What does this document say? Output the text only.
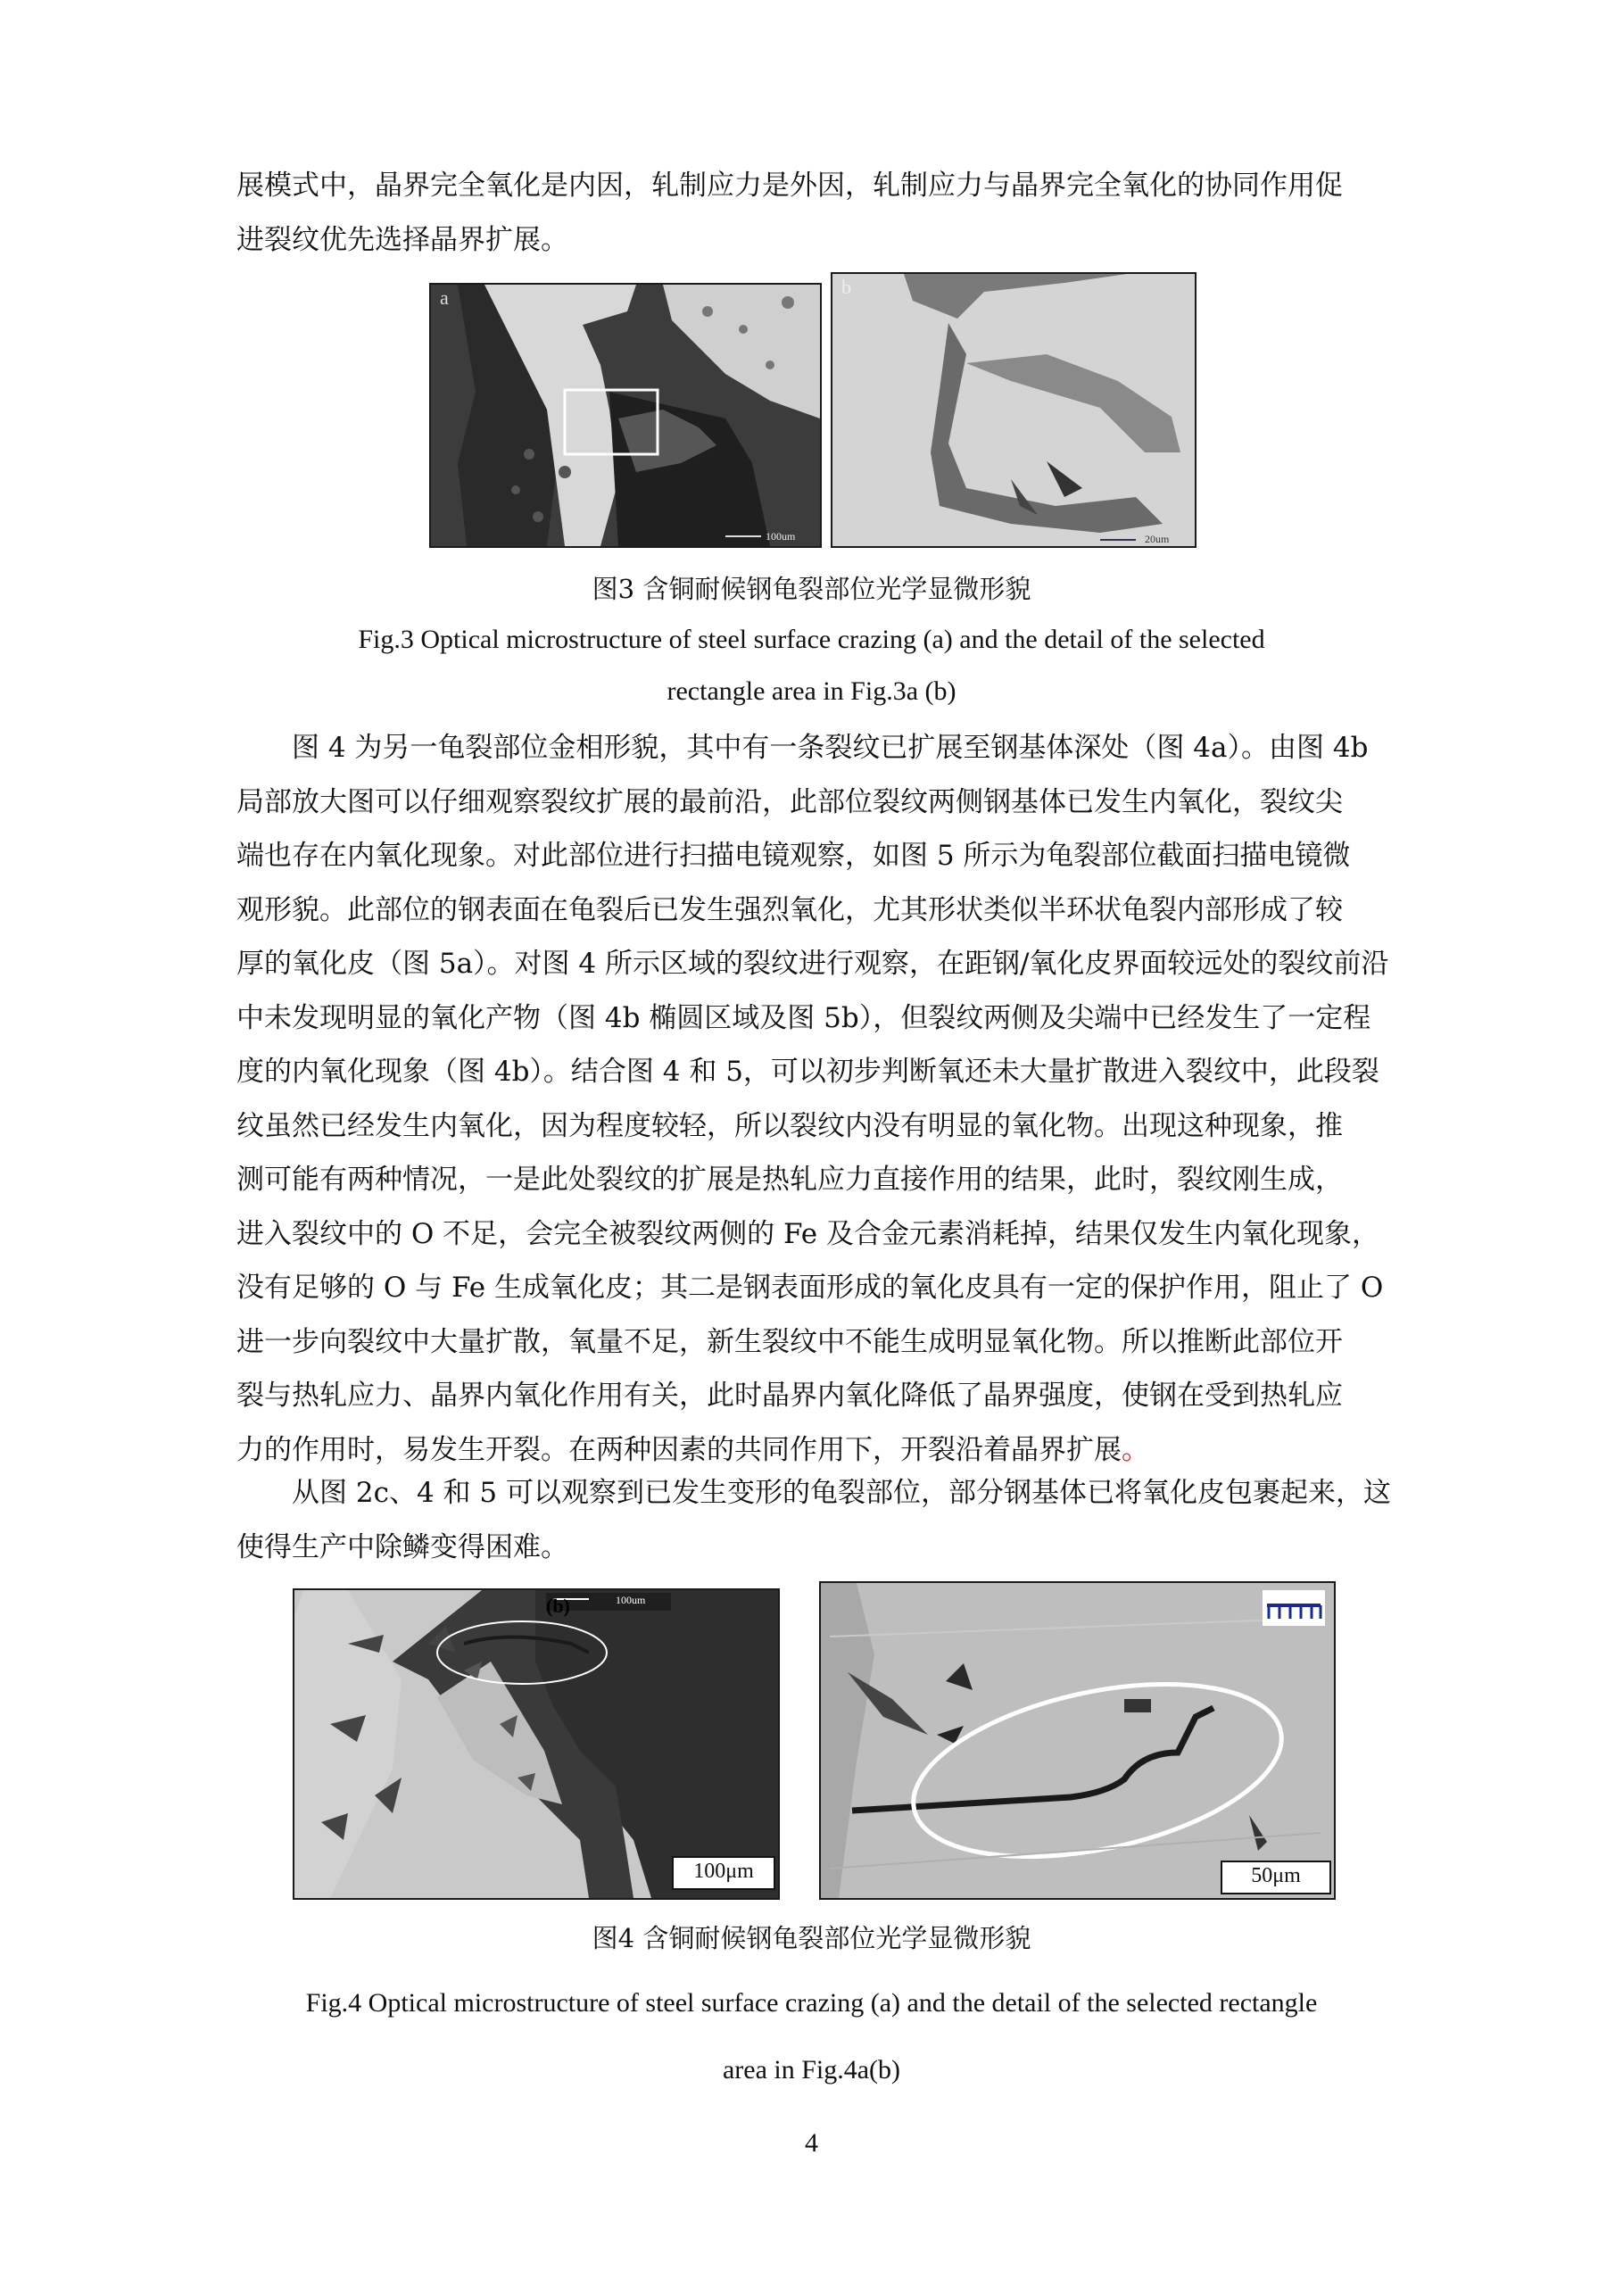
展模式中，晶界完全氧化是内因，轧制应力是外因，轧制应力与晶界完全氧化的协同作用促
进裂纹优先选择晶界扩展。
a
100um
b
20um
图3 含铜耐候钢龟裂部位光学显微形貌
Fig.3 Optical microstructure of steel surface crazing (a) and the detail of the selected
rectangle area in Fig.3a (b)
图 4 为另一龟裂部位金相形貌，其中有一条裂纹已扩展至钢基体深处（图 4a）。由图 4b
局部放大图可以仔细观察裂纹扩展的最前沿，此部位裂纹两侧钢基体已发生内氧化，裂纹尖
端也存在内氧化现象。对此部位进行扫描电镜观察，如图 5 所示为龟裂部位截面扫描电镜微
观形貌。此部位的钢表面在龟裂后已发生强烈氧化，尤其形状类似半环状龟裂内部形成了较
厚的氧化皮（图 5a）。对图 4 所示区域的裂纹进行观察，在距钢/氧化皮界面较远处的裂纹前沿
中未发现明显的氧化产物（图 4b 椭圆区域及图 5b），但裂纹两侧及尖端中已经发生了一定程
度的内氧化现象（图 4b）。结合图 4 和 5，可以初步判断氧还未大量扩散进入裂纹中，此段裂
纹虽然已经发生内氧化，因为程度较轻，所以裂纹内没有明显的氧化物。出现这种现象，推
测可能有两种情况，一是此处裂纹的扩展是热轧应力直接作用的结果，此时，裂纹刚生成，
进入裂纹中的 O 不足，会完全被裂纹两侧的 Fe 及合金元素消耗掉，结果仅发生内氧化现象，
没有足够的 O 与 Fe 生成氧化皮；其二是钢表面形成的氧化皮具有一定的保护作用，阻止了 O
进一步向裂纹中大量扩散，氧量不足，新生裂纹中不能生成明显氧化物。所以推断此部位开
裂与热轧应力、晶界内氧化作用有关，此时晶界内氧化降低了晶界强度，使钢在受到热轧应
力的作用时，易发生开裂。在两种因素的共同作用下，开裂沿着晶界扩展。
从图 2c、4 和 5 可以观察到已发生变形的龟裂部位，部分钢基体已将氧化皮包裹起来，这
使得生产中除鳞变得困难。
(b)	100um
100μm	50μm
图4 含铜耐候钢龟裂部位光学显微形貌
Fig.4 Optical microstructure of steel surface crazing (a) and the detail of the selected rectangle
area in Fig.4a(b)
4
